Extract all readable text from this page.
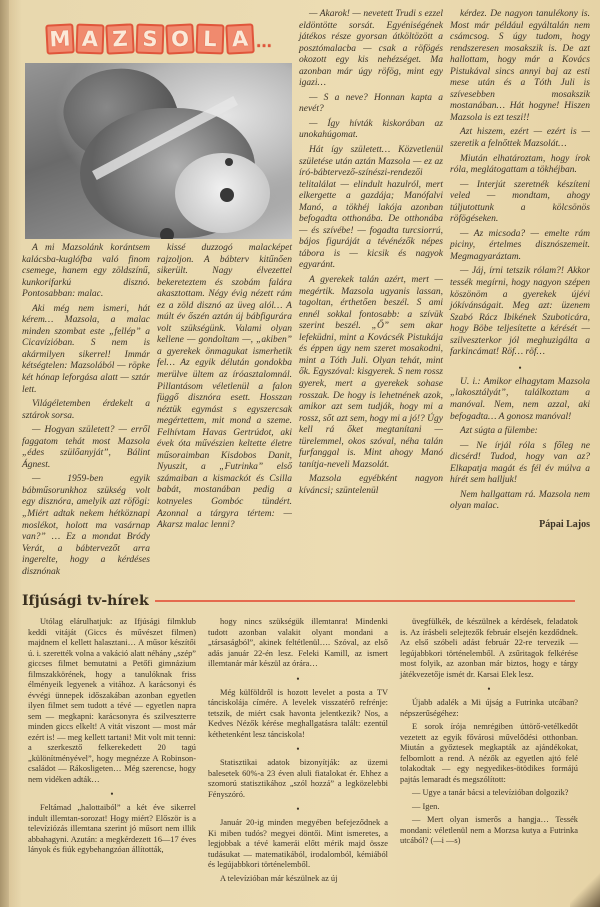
M A Z S O L A ...

A mi Mazsolánk korántsem kalácsba-kuglófba való finom csemege, hanem egy zöldszínű, kunkorifarkú disznó. Pontosabban: malac.

Aki még nem ismeri, hát kérem… Mazsola, a malac minden szombat este „fellép” a Cicavízióban. S nem is akármilyen sikerrel! Immár kétségtelen: Mazsolából — röpke két hónap leforgása alatt — sztár lett.

Világéletemben érdekelt a sztárok sorsa.

— Hogyan született? — erről faggatom tehát most Mazsola „édes szülőanyját”, Bálint Ágnest.

— 1959-ben egyik bábműsorunkhoz szükség volt egy disznóra, amelyik azt röfögi: „Miért adtak nekem hétköznapi moslékot, holott ma vasárnap van?” … Ez a mondat Bródy Verát, a bábtervezőt arra ingerelte, hogy a kérdéses disznónak

kissé duzzogó malacképet rajzoljon. A bábterv kitűnően sikerült. Nagy élvezettel bekereteztem és szobám falára akasztottam. Négy évig nézett rám ez a zöld disznó az üveg alól… A múlt év őszén aztán új bábfigurára volt szükségünk. Valami olyan kellene — gondoltam —, „akiben” a gyerekek önmagukat ismerhetik fel… Az egyik délután gondokba merülve ültem az íróasztalomnál. Pillantásom véletlenül a falon függő disznóra esett. Hosszan néztük egymást s egyszercsak megértettem, mit mond a szeme. Felhívtam Havas Gertrúdot, aki évek óta művészien keltette életre műsoraimban Kisdobos Danit, Nyuszit, a „Futrinka” első számaiban a kismackót és Csilla babát, mostanában pedig a kotnyeles Gombóc tündért. Azonnal a tárgyra tértem: — Akarsz malac lenni?

— Akarok! — nevetett Trudi s ezzel eldöntötte sorsát. Egyéniségének játékos része gyorsan átköltözött a posztómalacba — csak a röfögés okozott egy kis nehézséget. Ma azonban már úgy röfög, mint egy igazi…

— S a neve? Honnan kapta a nevét?

— Így hívták kiskorában az unokahúgomat.

Hát így született… Közvetlenül születése után aztán Mazsola — ez az író-bábtervező-színészi-rendezői telitalálat — elindult hazulról, mert elkergette a gazdája; Manófalvi Manó, a tökhéj lakója azonban befogadta otthonába. De otthonába — és szívébe! — fogadta turcsiorrú, bájos figuráját a tévénézők népes tábora is — kicsik és nagyok egyaránt.

A gyerekek talán azért, mert — megértik. Mazsola ugyanis lassan, tagoltan, érthetően beszél. S ami ennél sokkal fontosabb: a szívük szerint beszél. „Ő” sem akar lefeküdni, mint a Kovácsék Pistukája és éppen úgy nem szeret mosakodni, mint a Tóth Juli. Olyan tehát, mint ők. Egyszóval: kisgyerek. S nem rossz gyerek, mert a gyerekek sohase rosszak. De hogy is lehetnének azok, amikor azt sem tudják, hogy mi a rossz, sőt azt sem, hogy mi a jó!? Úgy kell rá őket megtanítani — türelemmel, okos szóval, néha talán furfanggal is. Mint ahogy Manó tanítja-neveli Mazsolát.

Mazsola egyébként nagyon kíváncsi; szüntelenül

kérdez. De nagyon tanulékony is. Most már például egyáltalán nem csámcsog. S úgy tudom, hogy rendszeresen mosakszik is. De azt hallottam, hogy már a Kovács Pistukával sincs annyi baj az esti mese után és a Tóth Juli is szívesebben mosakszik mostanában… Hát hogyne! Hiszen Mazsola is ezt teszi!!

Azt hiszem, ezért — ezért is — szeretik a felnőttek Mazsolát…

Miután elhatároztam, hogy írok róla, meglátogattam a tökhéjban.

— Interjút szeretnék készíteni veled — mondtam, ahogy túljutottunk a kölcsönös röfögéseken.

— Az micsoda? — emelte rám piciny, értelmes disznószemeit. Megmagyaráztam.

— Jáj, írni tetszik rólam?! Akkor tessék megírni, hogy nagyon szépen köszönöm a gyerekek újévi jókívánságait. Meg azt: üzenem Szabó Rácz Ibikének Szuboticára, hogy Böbe teljesítette a kérését — szilveszterkor jól meghuzigálta a farkincámat! Röf… röf…

•

U. i.: Amikor elhagytam Mazsola „lakosztályát”, találkoztam a manóval. Nem, nem azzal, aki befogadta… A gonosz manóval!

Azt súgta a fülembe:

— Ne írjál róla s főleg ne dicsérd! Tudod, hogy van az? Elkapatja magát és fél év múlva a hírét sem halljuk!

Nem hallgattam rá. Mazsola nem olyan malac.

Pápai Lajos
Ifjúsági tv-hírek

Utólag elárulhatjuk: az Ifjúsági filmklub keddi vitáját (Giccs és művészet filmen) majdnem el kellett halasztani… A műsor készítői ú. i. szerették volna a vakáció alatt néhány „szép” giccses filmet bemutatni a Petőfi gimnázium filmszakkörének, hogy a tanulóknak friss élményeik legyenek a vitához. A karácsonyi és évvégi ünnepek időszakában azonban egyetlen ilyen filmet sem tudott a tévé — egyetlen napra sem — megkapni: karácsonyra és szilveszterre minden giccs elkelt! A vitát viszont — most már ezért is! — meg kellett tartani! Mit volt mit tenni: a szerkesztő felkerekedett 20 tagú „különítményével”, hogy megnézze A Robinson-családot — Rákosligeten… Még szerencse, hogy nem vidéken adták…

•

Feltámad „halottaiból” a két éve sikerrel indult illemtan-sorozat! Hogy miért? Először is a televíziózás illemtana szerint jó műsort nem illik abbahagyni. Azután: a megkérdezett 16—17 éves lányok és fiúk egybehangzóan állították,

hogy nincs szükségük illemtanra! Mindenki tudott azonban valakit olyant mondani a „társaságból”, akinek feltétlenül…. Szóval, az első adás január 22-én lesz. Feleki Kamill, az ismert illemtanár már készül az órára…

•

Még külföldről is hozott levelet a posta a TV tánciskolája címére. A levelek visszatérő refrénje: tetszik, de miért csak havonta jelentkezik? Nos, a Kedves Nézők kérése meghallgatásra talált: ezentúl kéthetenként lesz tánciskola!

•

Statisztikai adatok bizonyítják: az üzemi balesetek 60%-a 23 éven aluli fiatalokat ér. Ehhez a szomorú statisztikához „szól hozzá” a legközelebbi Fényszóró.

•

Január 20-ig minden megyében befejeződnek a Ki miben tudós? megyei döntői. Mint ismeretes, a legjobbak a tévé kamerái előtt mérik majd össze tudásukat — matematikából, irodalomból, kémiából és legújabbkori történelemből.

A televízióban már készülnek az új

üvegfülkék, de készülnek a kérdések, feladatok is. Az írásbeli selejtezők február elsején kezdődnek. Az első szóbeli adást február 22-re tervezik — legújabbkori történelemből. A zsűritagok felkérése most folyik, az azonban már biztos, hogy e tárgy játékvezetője ismét dr. Karsai Elek lesz.

•

Újabb adalék a Mi újság a Futrinka utcában? népszerűségéhez:

E sorok írója nemrégiben úttörő-vetélkedőt vezetett az egyik fővárosi művelődési otthonban. Miután a győztesek megkapták az ajándékokat, felbomlott a rend. A nézők az egyetlen ajtó felé tolakodtak — egy negyedikes-ötödikes formájú pajtás lemaradt és megszólított:

— Ugye a tanár bácsi a televízióban dolgozik?

— Igen.

— Mert olyan ismerős a hangja… Tessék mondani: véletlenül nem a Morzsa kutya a Futrinka utcából? (—i —s)
